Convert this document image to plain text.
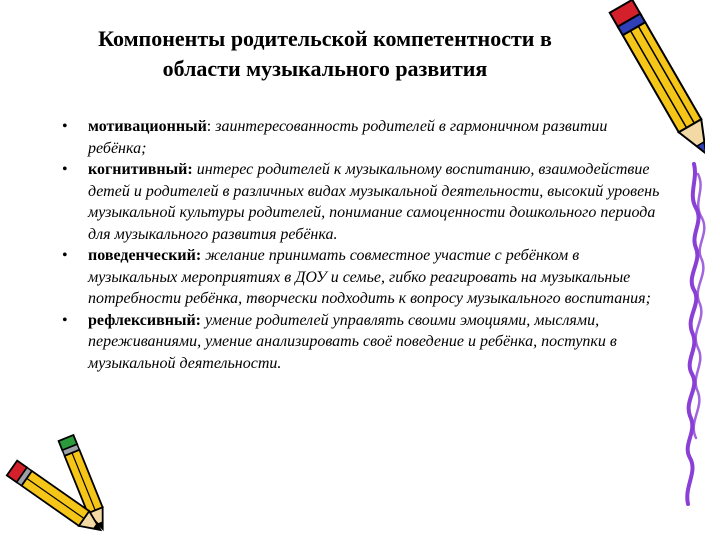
Компоненты родительской компетентности в
области музыкального развития
• мотивационный: заинтересованность родителей в гармоничном развитии ребёнка;
• когнитивный: интерес родителей к музыкальному воспитанию, взаимодействие детей и родителей в различных видах музыкальной деятельности, высокий уровень музыкальной культуры родителей, понимание самоценности дошкольного периода для музыкального развития ребёнка.
• поведенческий: желание принимать совместное участие с ребёнком в музыкальных мероприятиях в ДОУ и семье, гибко реагировать на музыкальные потребности ребёнка, творчески подходить к вопросу музыкального воспитания;
• рефлексивный: умение родителей управлять своими эмоциями, мыслями, переживаниями, умение анализировать своё поведение и ребёнка, поступки в музыкальной деятельности.
